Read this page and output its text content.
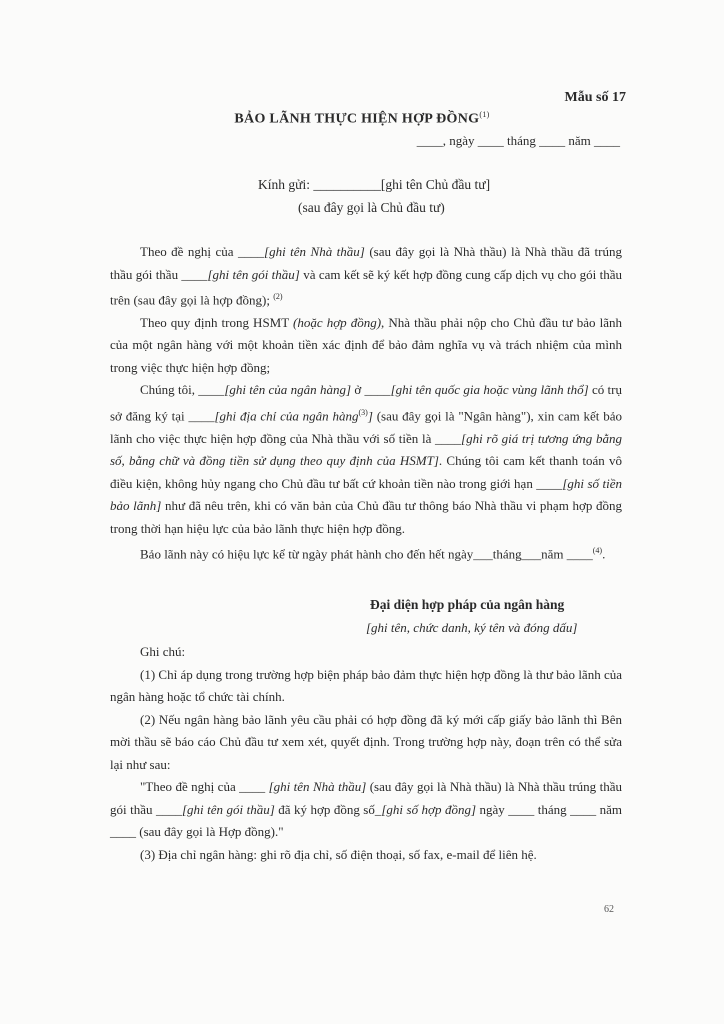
Mẫu số 17
BẢO LÃNH THỰC HIỆN HỢP ĐỒNG$^{(1)}$
____, ngày ____ tháng ____ năm ____
Kính gửi: __________[ghi tên Chủ đầu tư]
(sau đây gọi là Chủ đầu tư)

Theo đề nghị của ____[ghi tên Nhà thầu] (sau đây gọi là Nhà thầu) là Nhà thầu đã trúng thầu gói thầu ____[ghi tên gói thầu] và cam kết sẽ ký kết hợp đồng cung cấp dịch vụ cho gói thầu trên (sau đây gọi là hợp đồng); $^{(2)}$

Theo quy định trong HSMT (hoặc hợp đồng), Nhà thầu phải nộp cho Chủ đầu tư bảo lãnh của một ngân hàng với một khoản tiền xác định để bảo đảm nghĩa vụ và trách nhiệm của mình trong việc thực hiện hợp đồng;

Chúng tôi, ____[ghi tên của ngân hàng] ở ____[ghi tên quốc gia hoặc vùng lãnh thổ] có trụ sở đăng ký tại ____[ghi địa chỉ của ngân hàng$^{(3)}$] (sau đây gọi là "Ngân hàng"), xin cam kết bảo lãnh cho việc thực hiện hợp đồng của Nhà thầu với số tiền là ____[ghi rõ giá trị tương ứng bằng số, bằng chữ và đồng tiền sử dụng theo quy định của HSMT]. Chúng tôi cam kết thanh toán vô điều kiện, không hủy ngang cho Chủ đầu tư bất cứ khoản tiền nào trong giới hạn ____[ghi số tiền bảo lãnh] như đã nêu trên, khi có văn bản của Chủ đầu tư thông báo Nhà thầu vi phạm hợp đồng trong thời hạn hiệu lực của bảo lãnh thực hiện hợp đồng.

Bảo lãnh này có hiệu lực kể từ ngày phát hành cho đến hết ngày___tháng___năm ____$^{(4)}$.

Đại diện hợp pháp của ngân hàng
[ghi tên, chức danh, ký tên và đóng dấu]

Ghi chú:

(1) Chỉ áp dụng trong trường hợp biện pháp bảo đảm thực hiện hợp đồng là thư bảo lãnh của ngân hàng hoặc tổ chức tài chính.

(2) Nếu ngân hàng bảo lãnh yêu cầu phải có hợp đồng đã ký mới cấp giấy bảo lãnh thì Bên mời thầu sẽ báo cáo Chủ đầu tư xem xét, quyết định. Trong trường hợp này, đoạn trên có thể sửa lại như sau:

"Theo đề nghị của ____ [ghi tên Nhà thầu] (sau đây gọi là Nhà thầu) là Nhà thầu trúng thầu gói thầu ____[ghi tên gói thầu] đã ký hợp đồng số_[ghi số hợp đồng] ngày ____ tháng ____ năm ____ (sau đây gọi là Hợp đồng)."

(3) Địa chỉ ngân hàng: ghi rõ địa chỉ, số điện thoại, số fax, e-mail để liên hệ.

62
